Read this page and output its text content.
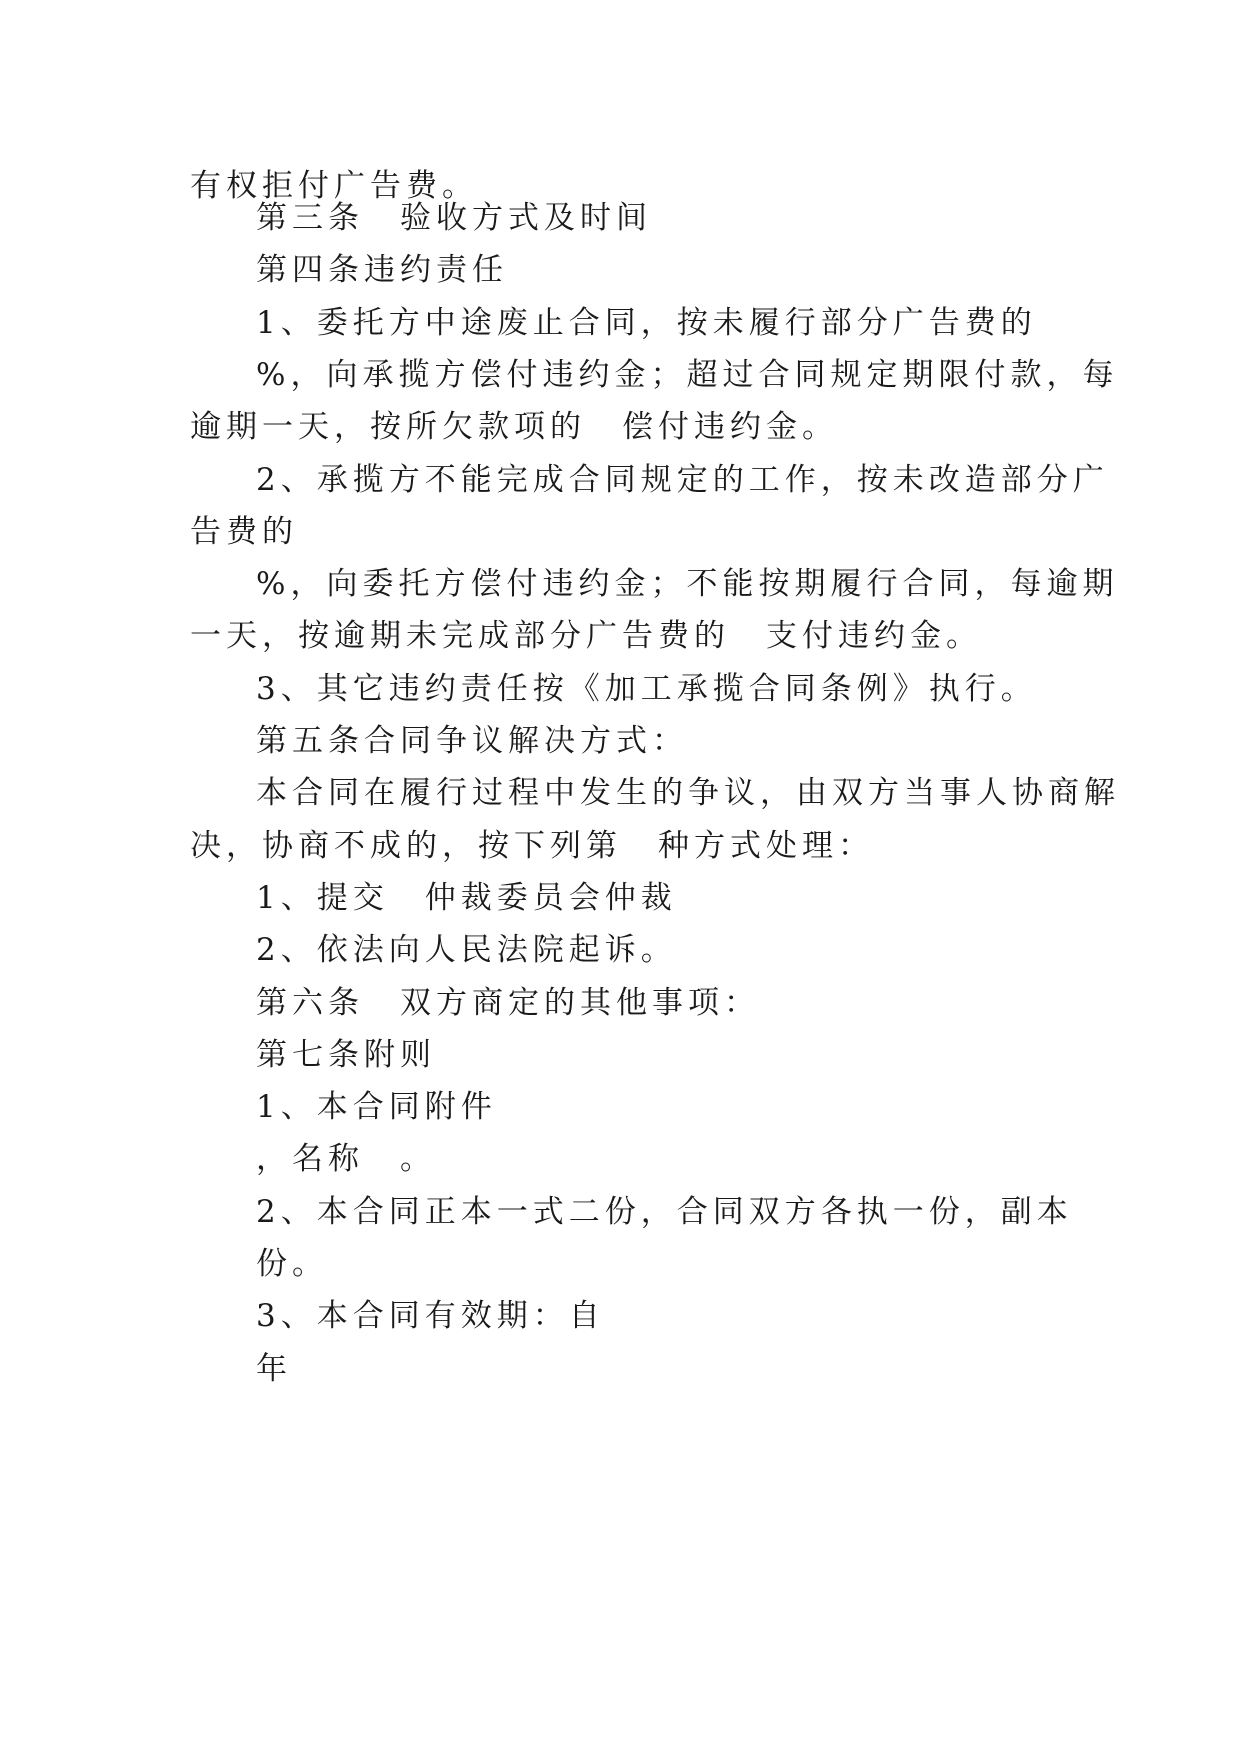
有权拒付广告费。
第三条　验收方式及时间
第四条违约责任
1、委托方中途废止合同，按未履行部分广告费的
%，向承揽方偿付违约金；超过合同规定期限付款，每
逾期一天，按所欠款项的　偿付违约金。
2、承揽方不能完成合同规定的工作，按未改造部分广
告费的
%，向委托方偿付违约金；不能按期履行合同，每逾期
一天，按逾期未完成部分广告费的　支付违约金。
3、其它违约责任按《加工承揽合同条例》执行。
第五条合同争议解决方式：
本合同在履行过程中发生的争议，由双方当事人协商解
决，协商不成的，按下列第　种方式处理：
1、提交　仲裁委员会仲裁
2、依法向人民法院起诉。
第六条　双方商定的其他事项：
第七条附则
1、本合同附件
，名称　。
2、本合同正本一式二份，合同双方各执一份，副本
份。
3、本合同有效期：自
年
